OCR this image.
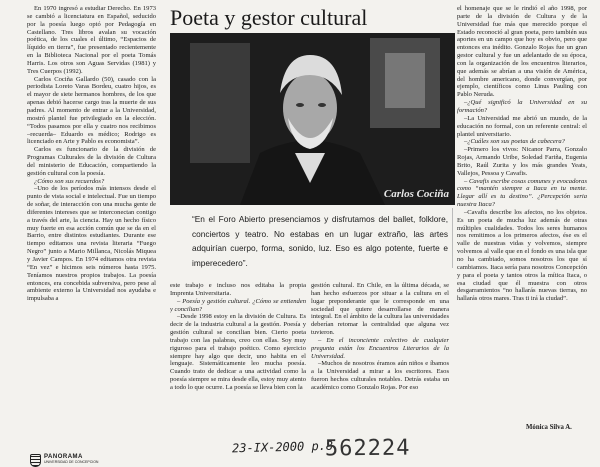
En 1970 ingresó a estudiar Derecho. En 1973 se cambió a licenciatura en Español, seducido por la poesía luego optó por Pedagogía en Castellano. Tres libros avalan su vocación poética, de los cuales el último, “Espacios de líquido en tierra”, fue presentado recientemente en la Biblioteca Nacional por el poeta Tomás Harris. Los otros son Aguas Servidas (1981) y Tres Cuerpos (1992).

Carlos Cociña Gallardo (50), casado con la periodista Loreto Varas Bordeu, cuatro hijos, es el mayor de siete hermanos hombres, de los que apenas debió hacerse cargo tras la muerte de sus padres. Al momento de entrar a la Universidad, mostró plantel fue privilegiado en la elección. “Todos pasamos por ella y cuatro nos recibimos –recuerda– Eduardo es médico; Rodrigo es licenciado en Arte y Pablo es economista”.

Carlos es funcionario de la división de Programas Culturales de la división de Cultura del ministerio de Educación, compartiendo la gestión cultural con la poesía.

¿Cómo son sus recuerdos?

–Uno de los períodos más intensos desde el punto de vista social e intelectual. Fue un tiempo de soñar, de interacción con una mucha gente de diferentes intereses que se interconectan contigo a través del arte, la ciencia. Hay un hecho físico muy fuerte en esa acción común que se da en el Barrio, entre distintos estudiantes. Durante ese tiempo editamos una revista literaria “Fuego Negro” junto a Mario Millanca, Nicolás Miquea y Javier Campos. En 1974 editamos otra revista “En vez” e hicimos seis números hasta 1975. Teníamos nuestros propios trabajos. La poesía entonces, era concebida subversiva, pero pese al ambiente externo la Universidad nos ayudaba e impulsaba a

Poeta y gestor cultural
Carlos Cociña
“En el Foro Abierto presenciamos y disfrutamos del ballet, folklore, conciertos y teatro. No estabas en un lugar extraño, las artes adquirían cuerpo, forma, sonido, luz. Eso es algo potente, fuerte e imperecedero”.

este trabajo e incluso nos editaba la propia Imprenta Universitaria.

– Poesía y gestión cultural. ¿Cómo se entienden y concilian?

–Desde 1998 estoy en la división de Cultura. Es decir de la industria cultural a la gestión. Poesía y gestión cultural se concilian bien. Cierto poeta trabajo con las palabras, creo con ellas. Soy muy riguroso para el trabajo poético. Como ejercicio siempre hay algo que decir, uno habita en el lenguaje. Sistemáticamente leo mucha poesía. Cuando trato de dedicar a una actividad como la poesía siempre se mira desde ella, estoy muy atento a todo lo que ocurre. La poesía se lleva bien con la

gestión cultural. En Chile, en la última década, se han hecho esfuerzos por situar a la cultura en el lugar preponderante que le corresponde en una sociedad que quiere desarrollarse de manera integral. En el ámbito de la cultura las universidades deberían retomar la centralidad que alguna vez tuvieron.

– En el inconciente colectivo de cualquier pregunta están los Encuentros Literarios de la Universidad.

–Muchos de nosotros éramos aún niños e íbamos a la Universidad a mirar a los escritores. Esos fueron hechos culturales notables. Detrás estaba un académico como Gonzalo Rojas. Por eso

el homenaje que se le rindió el año 1998, por parte de la división de Cultura y de la Universidad fue más que merecido porque el Estado reconoció al gran poeta, pero también sus aportes en un campo que hoy es obvio, pero que entonces era inédito. Gonzalo Rojas fue un gran gestor cultural y fue un adelantado de su época, con la organización de los encuentros literarios, que además se abrían a una visión de América, del hombre americano, donde convergían, por ejemplo, científicos como Linus Pauling con Pablo Neruda.

–¿Qué significó la Universidad en su formación?

–La Universidad me abrió un mundo, de la educación no formal, con un referente central: el plantel universitario.

–¿Cuáles son sus poetas de cabecera?

–Primero los vivos: Nicanor Parra, Gonzalo Rojas, Armando Uribe, Soledad Fariña, Eugenia Brito, Raúl Zurita y los más grandes Yeats, Vallejos, Pessoa y Cavafis.

– Cavafis escribe cosas comunes y evocadoras como “mantén siempre a Itaca en tu mente. Llegar allí es tu destino”. ¿Percepción seria nuestra Itaca?

–Cavafis describe los afectos, no los objetos. Es un poeta de mucha luz además de otras múltiples cualidades. Todos los seres humanos nos remitimos a los primeros afectos, ése es el valle de nuestras vidas y volvemos, siempre volvemos al valle que en el fondo es una isla que no ha cambiado, somos nosotros los que sí cambiamos. Itaca sería para nosotros Concepción y para el poeta y tantos otros la mítica Itaca, o esa ciudad que él muestra con otros desgarramientos “no hallarás nuevas tierras, no hallarás otros mares. Tras ti irá la ciudad”.

Mónica Silva A.
PANORAMA
UNIVERSIDAD DE CONCEPCION
23-IX-2000 p.8
562224
